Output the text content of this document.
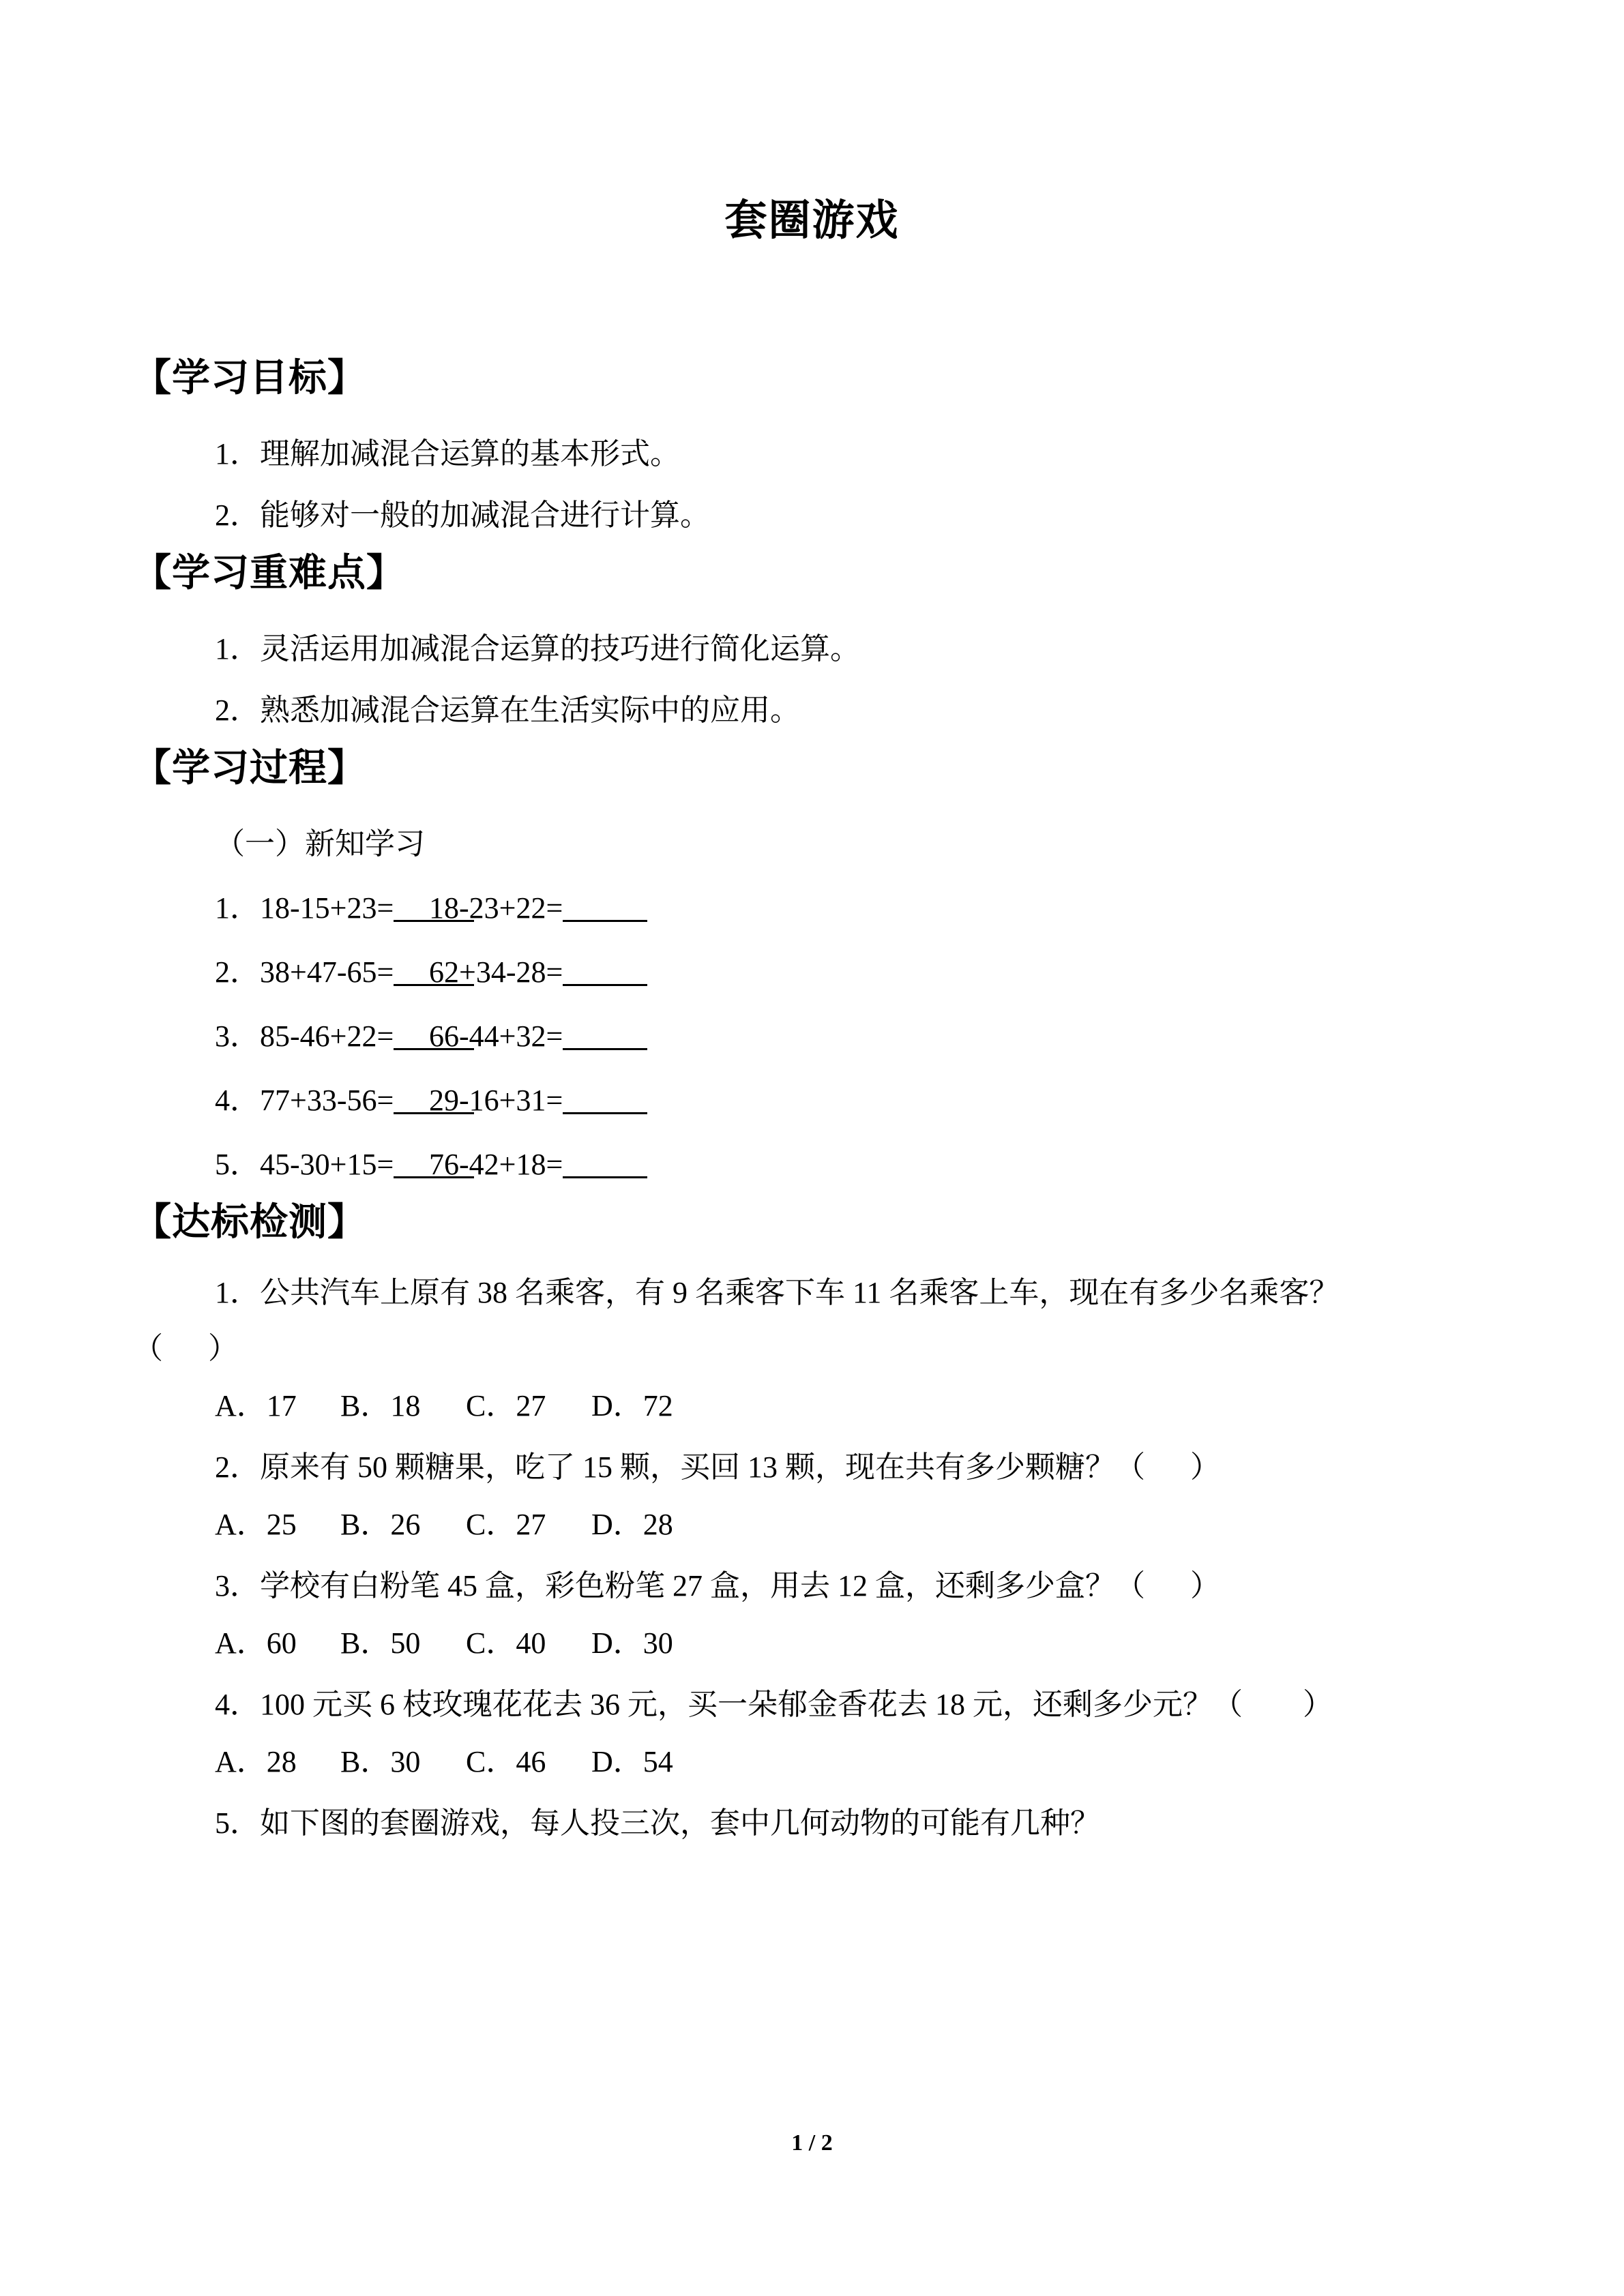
套圈游戏
【学习目标】
1．理解加减混合运算的基本形式。
2．能够对一般的加减混合进行计算。
【学习重难点】
1．灵活运用加减混合运算的技巧进行简化运算。
2．熟悉加减混合运算在生活实际中的应用。
【学习过程】
（一）新知学习
1．18-15+23= 18-23+22=
2．38+47-65= 62+34-28=
3．85-46+22= 66-44+32=
4．77+33-56= 29-16+31=
5．45-30+15= 76-42+18=
【达标检测】
1．公共汽车上原有 38 名乘客，有 9 名乘客下车 11 名乘客上车，现在有多少名乘客？
（      ）
A．17 B．18 C．27 D．72
2．原来有 50 颗糖果，吃了 15 颗，买回 13 颗，现在共有多少颗糖？（      ）
A．25 B．26 C．27 D．28
3．学校有白粉笔 45 盒，彩色粉笔 27 盒，用去 12 盒，还剩多少盒？（      ）
A．60 B．50 C．40 D．30
4．100 元买 6 枝玫瑰花花去 36 元，买一朵郁金香花去 18 元，还剩多少元？（        ）
A．28 B．30 C．46 D．54
5．如下图的套圈游戏，每人投三次，套中几何动物的可能有几种？
1 / 2
